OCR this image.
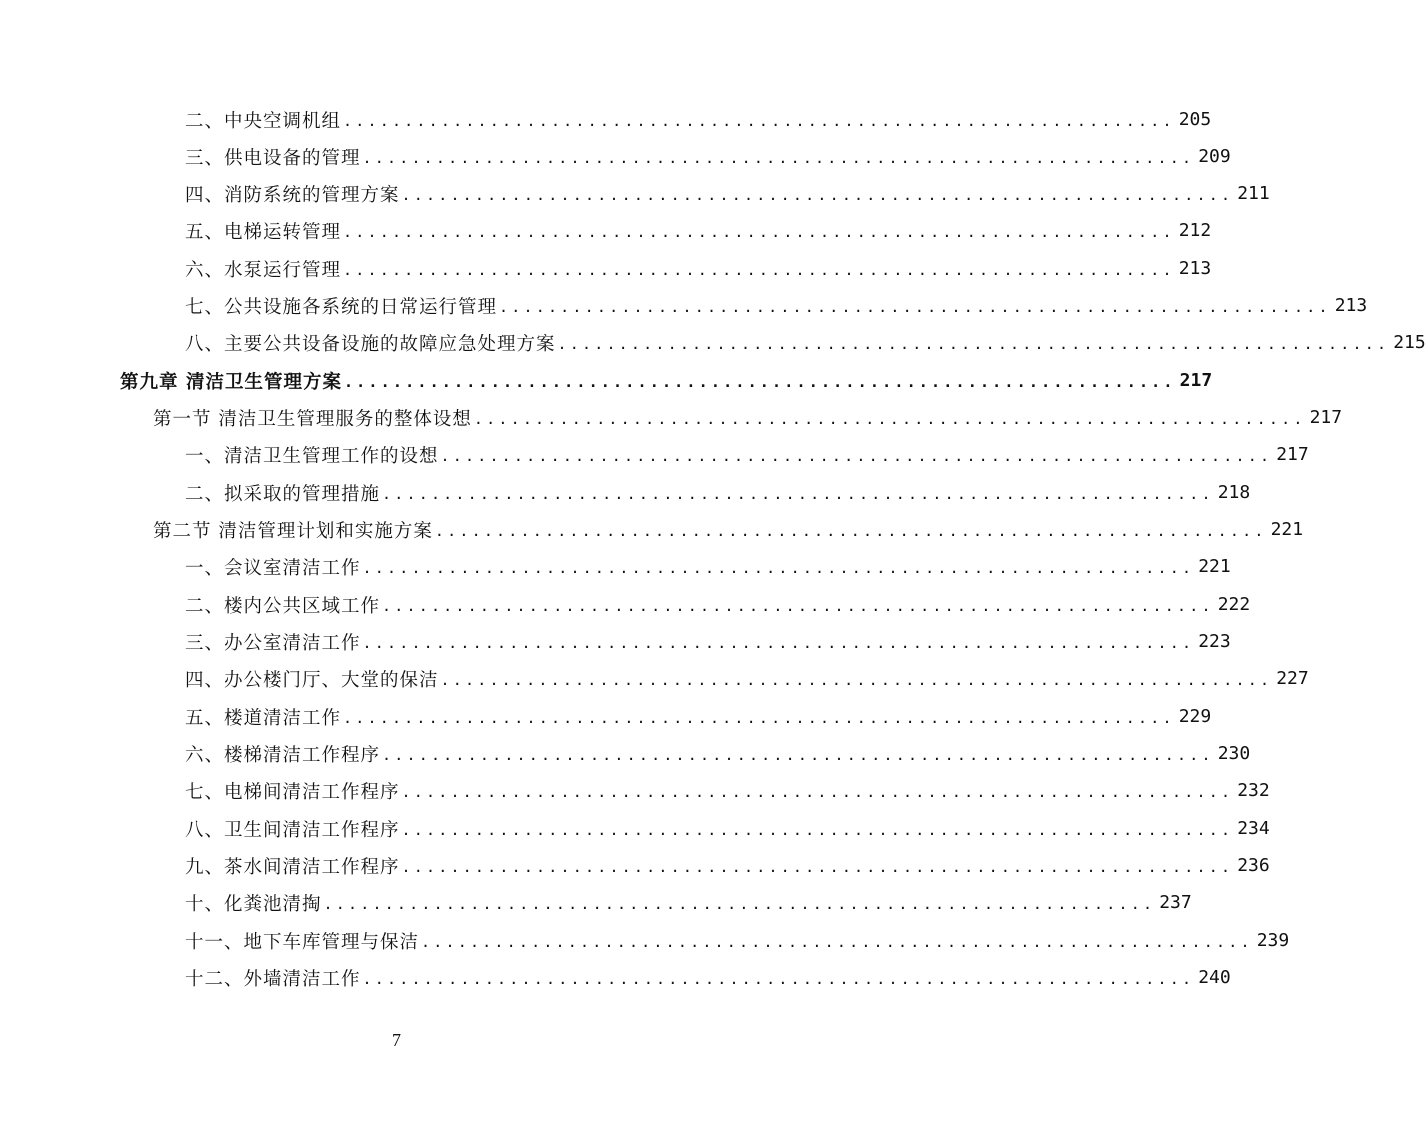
二、中央空调机组 .................................................................... 205
三、供电设备的管理 .................................................................... 209
四、消防系统的管理方案 .................................................................... 211
五、电梯运转管理 .................................................................... 212
六、水泵运行管理 .................................................................... 213
七、公共设施各系统的日常运行管理 .................................................................... 213
八、主要公共设备设施的故障应急处理方案 .................................................................... 215
第九章 清洁卫生管理方案 .................................................................... 217
第一节 清洁卫生管理服务的整体设想 .................................................................... 217
一、清洁卫生管理工作的设想 .................................................................... 217
二、拟采取的管理措施 .................................................................... 218
第二节 清洁管理计划和实施方案 .................................................................... 221
一、会议室清洁工作 .................................................................... 221
二、楼内公共区域工作 .................................................................... 222
三、办公室清洁工作 .................................................................... 223
四、办公楼门厅、大堂的保洁 .................................................................... 227
五、楼道清洁工作 .................................................................... 229
六、楼梯清洁工作程序 .................................................................... 230
七、电梯间清洁工作程序 .................................................................... 232
八、卫生间清洁工作程序 .................................................................... 234
九、茶水间清洁工作程序 .................................................................... 236
十、化粪池清掏 .................................................................... 237
十一、地下车库管理与保洁 .................................................................... 239
十二、外墙清洁工作 .................................................................... 240
7
